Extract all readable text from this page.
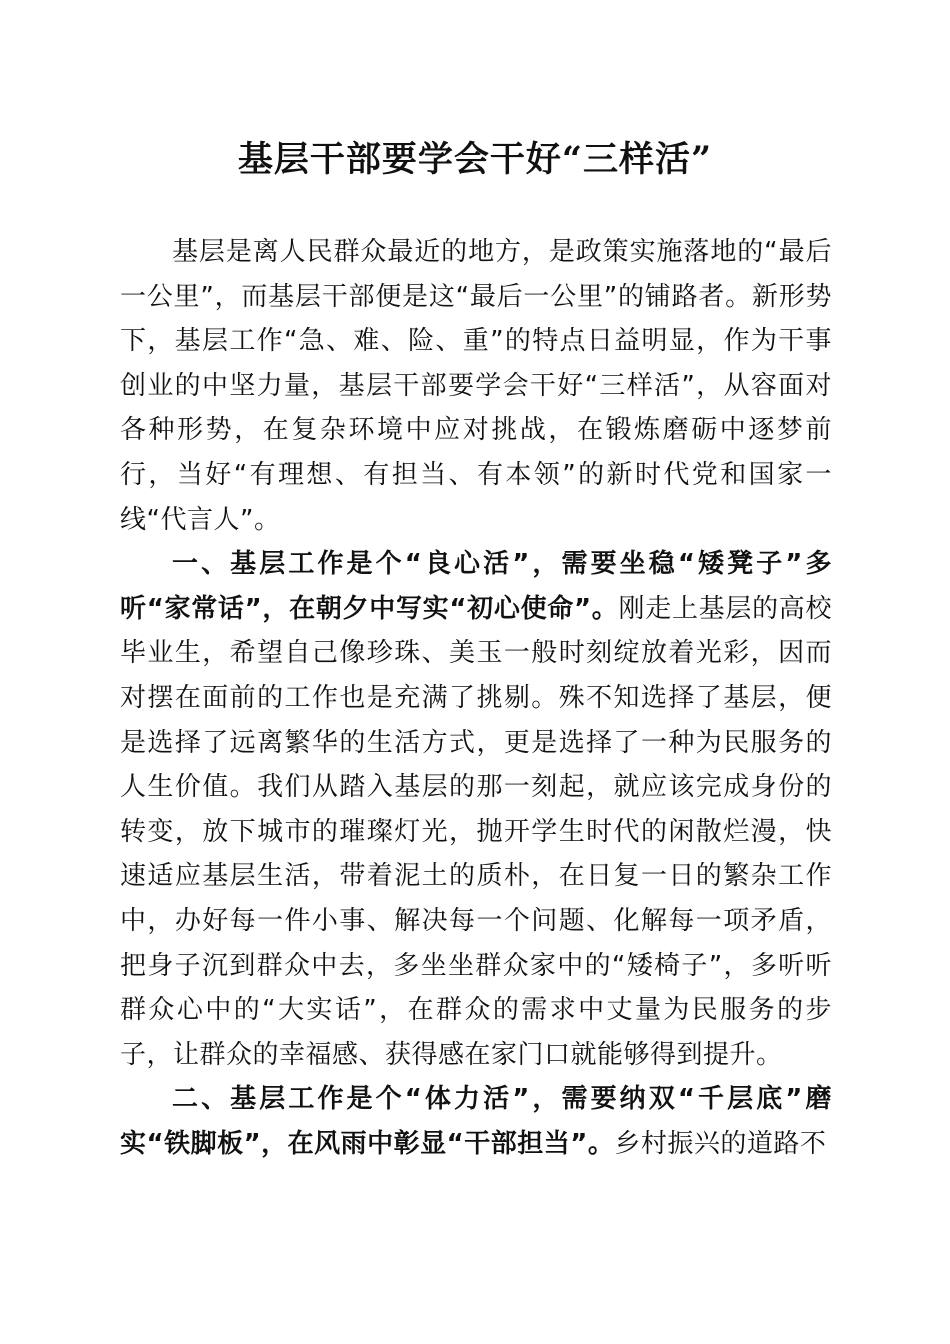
基层干部要学会干好“三样活”

基层是离人民群众最近的地方，是政策实施落地的“最后一公里”，而基层干部便是这“最后一公里”的铺路者。新形势下，基层工作“急、难、险、重”的特点日益明显，作为干事创业的中坚力量，基层干部要学会干好“三样活”，从容面对各种形势，在复杂环境中应对挑战，在锻炼磨砺中逐梦前行，当好“有理想、有担当、有本领”的新时代党和国家一线“代言人”。

一、基层工作是个“良心活”，需要坐稳“矮凳子”多听“家常话”，在朝夕中写实“初心使命”。刚走上基层的高校毕业生，希望自己像珍珠、美玉一般时刻绽放着光彩，因而对摆在面前的工作也是充满了挑剔。殊不知选择了基层，便是选择了远离繁华的生活方式，更是选择了一种为民服务的人生价值。我们从踏入基层的那一刻起，就应该完成身份的转变，放下城市的璀璨灯光，抛开学生时代的闲散烂漫，快速适应基层生活，带着泥土的质朴，在日复一日的繁杂工作中，办好每一件小事、解决每一个问题、化解每一项矛盾，把身子沉到群众中去，多坐坐群众家中的“矮椅子”，多听听群众心中的“大实话”，在群众的需求中丈量为民服务的步子，让群众的幸福感、获得感在家门口就能够得到提升。

二、基层工作是个“体力活”，需要纳双“千层底”磨实“铁脚板”，在风雨中彰显“干部担当”。乡村振兴的道路不
